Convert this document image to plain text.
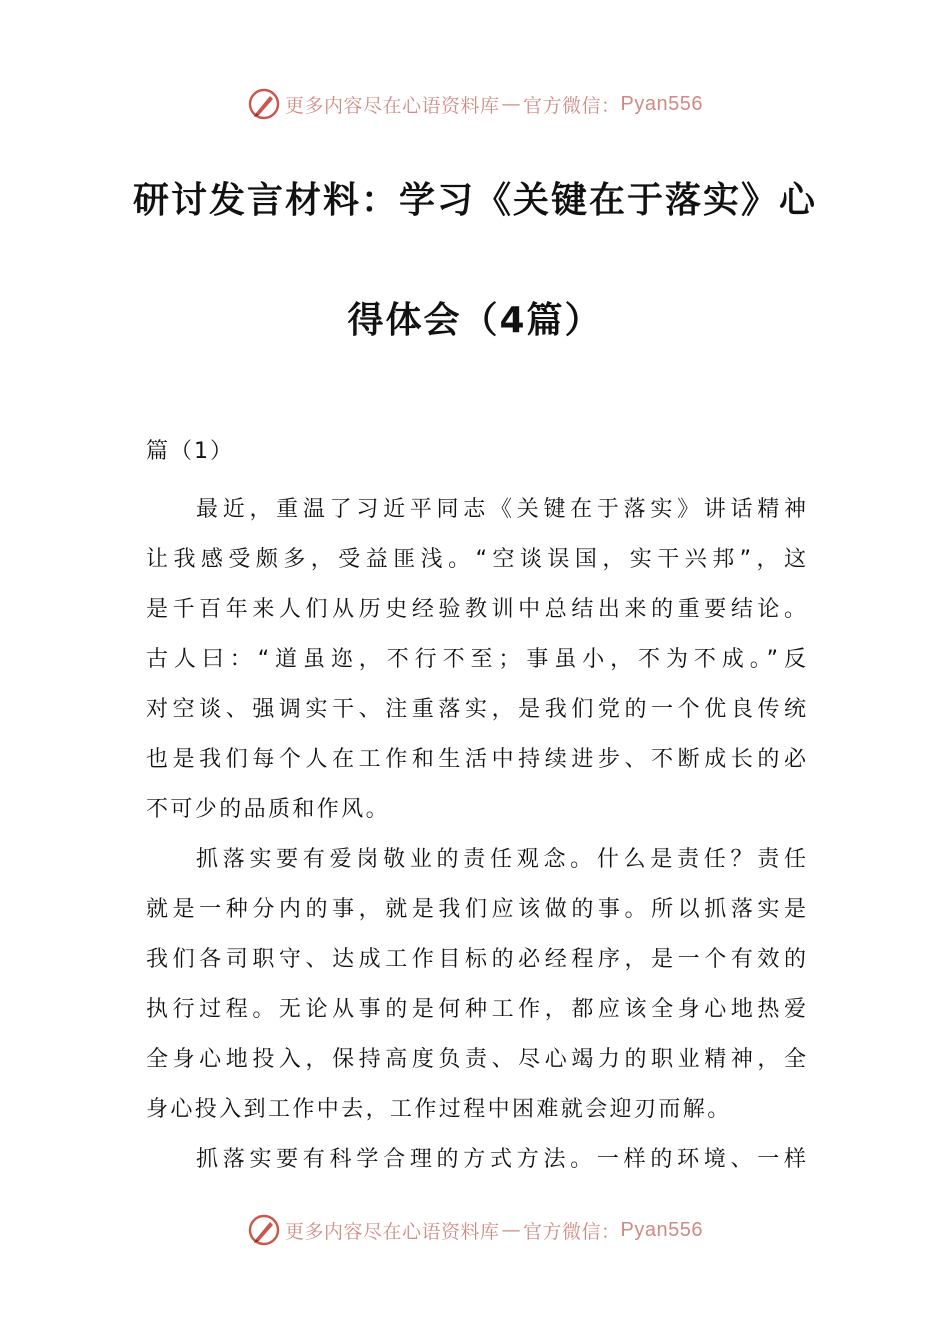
更多内容尽在心语资料库 — 官方微信： Pyan556
研讨发言材料：学习《关键在于落实》心
得体会（4篇）
篇（1）
最近，重温了习近平同志《关键在于落实》讲话精神
让我感受颇多，受益匪浅。“空谈误国，实干兴邦”，这
是千百年来人们从历史经验教训中总结出来的重要结论。
古人曰：“道虽迩，不行不至；事虽小，不为不成。”反
对空谈、强调实干、注重落实，是我们党的一个优良传统
也是我们每个人在工作和生活中持续进步、不断成长的必
不可少的品质和作风。
抓落实要有爱岗敬业的责任观念。什么是责任？责任
就是一种分内的事，就是我们应该做的事。所以抓落实是
我们各司职守、达成工作目标的必经程序，是一个有效的
执行过程。无论从事的是何种工作，都应该全身心地热爱
全身心地投入，保持高度负责、尽心竭力的职业精神，全
身心投入到工作中去，工作过程中困难就会迎刃而解。
抓落实要有科学合理的方式方法。一样的环境、一样
更多内容尽在心语资料库 — 官方微信： Pyan556
